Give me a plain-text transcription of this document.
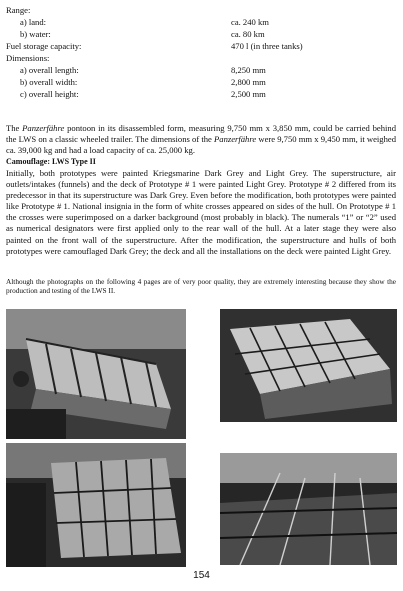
Range:
a) land:	ca. 240 km
b) water:	ca. 80 km
Fuel storage capacity:	470 l (in three tanks)
Dimensions:
a) overall length:	8,250 mm
b) overall width:	2,800 mm
c) overall height:	2,500 mm

The Panzerfähre pontoon in its disassembled form, measuring 9,750 mm x 3,850 mm, could be carried behind the LWS on a classic wheeled trailer. The dimensions of the Panzerfähre were 9,750 mm x 9,450 mm, it weighed ca. 39,000 kg and had a load capacity of ca. 25,000 kg.

Camouflage: LWS Type II

Initially, both prototypes were painted Kriegsmarine Dark Grey and Light Grey. The superstructure, air outlets/intakes (funnels) and the deck of Prototype # 1 were painted Light Grey. Prototype # 2 differed from its predecessor in that its superstructure was Dark Grey. Even before the modification, both prototypes were painted like Prototype # 1. National insignia in the form of white crosses appeared on sides of the hull. On Prototype # 1 the crosses were superimposed on a darker background (most probably in black). The numerals “1” or “2” used as numerical designators were first applied only to the rear wall of the hull. At a later stage they were also painted on the front wall of the superstructure. After the modification, the superstructure and hulls of both prototypes were camouflaged Dark Grey; the deck and all the installations on the deck were painted Light Grey.

Although the photographs on the following 4 pages are of very poor quality, they are extremely interesting because they show the production and testing of the LWS II.

154
